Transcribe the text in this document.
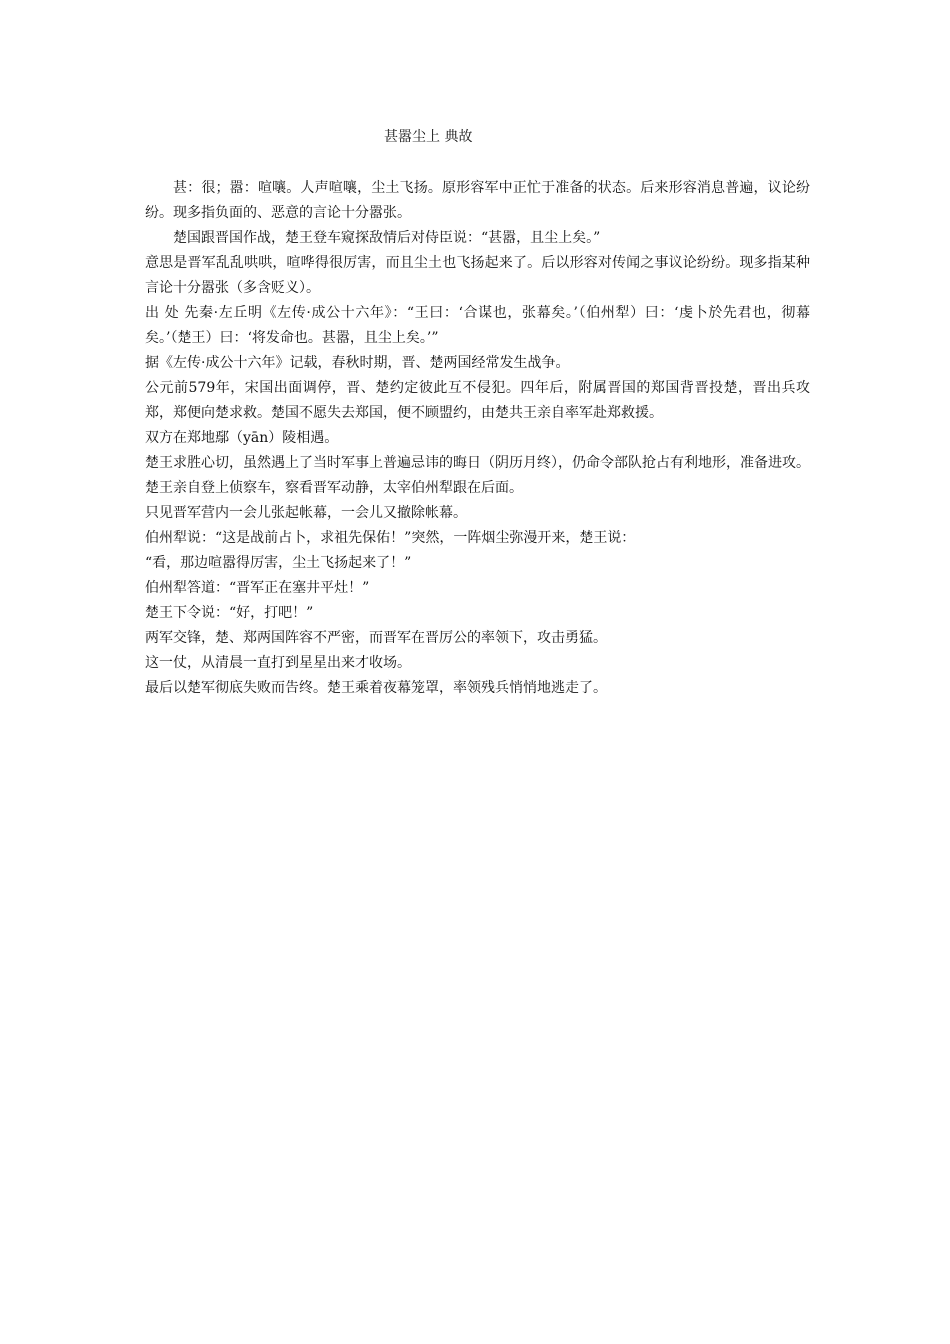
甚嚣尘上 典故

甚：很；嚣：喧嚷。人声喧嚷，尘土飞扬。原形容军中正忙于准备的状态。后来形容消息普遍，议论纷纷。现多指负面的、恶意的言论十分嚣张。

楚国跟晋国作战，楚王登车窥探敌情后对侍臣说：“甚嚣，且尘上矣。”

意思是晋军乱乱哄哄，喧哗得很厉害，而且尘土也飞扬起来了。后以形容对传闻之事议论纷纷。现多指某种言论十分嚣张（多含贬义）。

出 处 先秦·左丘明《左传·成公十六年》：“王曰：‘合谋也，张幕矣。’（伯州犁）曰：‘虔卜於先君也，彻幕矣。’（楚王）曰：‘将发命也。甚嚣，且尘上矣。’”

据《左传·成公十六年》记载，春秋时期，晋、楚两国经常发生战争。

公元前579年，宋国出面调停，晋、楚约定彼此互不侵犯。四年后，附属晋国的郑国背晋投楚，晋出兵攻郑，郑便向楚求救。楚国不愿失去郑国，便不顾盟约，由楚共王亲自率军赴郑救援。

双方在郑地鄢（yān）陵相遇。

楚王求胜心切，虽然遇上了当时军事上普遍忌讳的晦日（阴历月终），仍命令部队抢占有利地形，准备进攻。

楚王亲自登上侦察车，察看晋军动静，太宰伯州犁跟在后面。

只见晋军营内一会儿张起帐幕，一会儿又撤除帐幕。

伯州犁说：“这是战前占卜，求祖先保佑！”突然，一阵烟尘弥漫开来，楚王说：

“看，那边喧嚣得厉害，尘土飞扬起来了！”

伯州犁答道：“晋军正在塞井平灶！”

楚王下令说：“好，打吧！”

两军交锋，楚、郑两国阵容不严密，而晋军在晋厉公的率领下，攻击勇猛。

这一仗，从清晨一直打到星星出来才收场。

最后以楚军彻底失败而告终。楚王乘着夜幕笼罩，率领残兵悄悄地逃走了。
